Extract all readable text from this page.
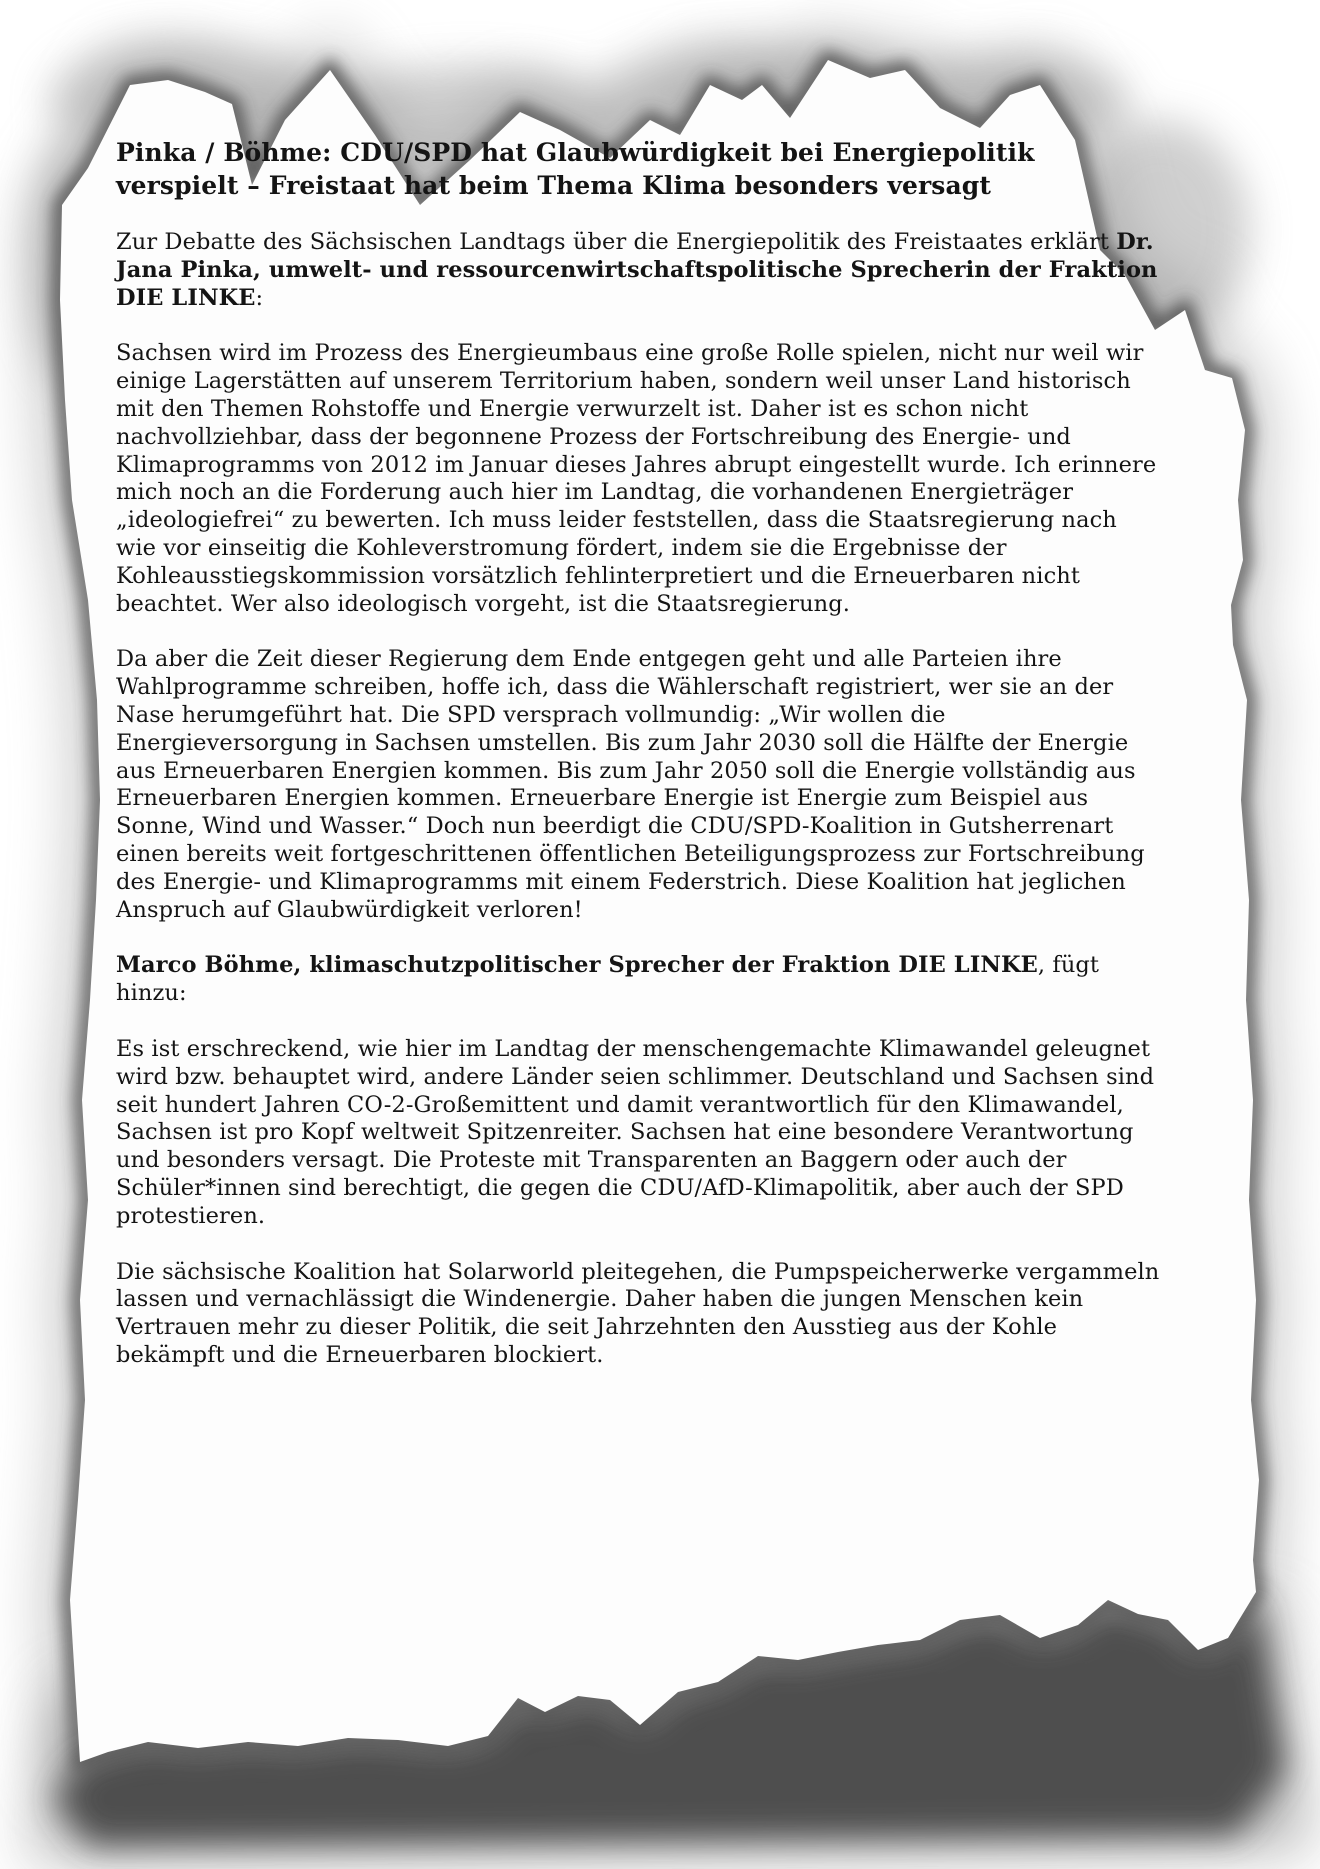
Pinka / Böhme: CDU/SPD hat Glaubwürdigkeit bei Energiepolitik verspielt – Freistaat hat beim Thema Klima besonders versagt

Zur Debatte des Sächsischen Landtags über die Energiepolitik des Freistaates erklärt Dr. Jana Pinka, umwelt- und ressourcenwirtschaftspolitische Sprecherin der Fraktion DIE LINKE:

Sachsen wird im Prozess des Energieumbaus eine große Rolle spielen, nicht nur weil wir einige Lagerstätten auf unserem Territorium haben, sondern weil unser Land historisch mit den Themen Rohstoffe und Energie verwurzelt ist. Daher ist es schon nicht nachvollziehbar, dass der begonnene Prozess der Fortschreibung des Energie- und Klimaprogramms von 2012 im Januar dieses Jahres abrupt eingestellt wurde. Ich erinnere mich noch an die Forderung auch hier im Landtag, die vorhandenen Energieträger „ideologiefrei“ zu bewerten. Ich muss leider feststellen, dass die Staatsregierung nach wie vor einseitig die Kohleverstromung fördert, indem sie die Ergebnisse der Kohleausstiegskommission vorsätzlich fehlinterpretiert und die Erneuerbaren nicht beachtet. Wer also ideologisch vorgeht, ist die Staatsregierung.

Da aber die Zeit dieser Regierung dem Ende entgegen geht und alle Parteien ihre Wahlprogramme schreiben, hoffe ich, dass die Wählerschaft registriert, wer sie an der Nase herumgeführt hat. Die SPD versprach vollmundig: „Wir wollen die Energieversorgung in Sachsen umstellen. Bis zum Jahr 2030 soll die Hälfte der Energie aus Erneuerbaren Energien kommen. Bis zum Jahr 2050 soll die Energie vollständig aus Erneuerbaren Energien kommen. Erneuerbare Energie ist Energie zum Beispiel aus Sonne, Wind und Wasser.“ Doch nun beerdigt die CDU/SPD-Koalition in Gutsherrenart einen bereits weit fortgeschrittenen öffentlichen Beteiligungsprozess zur Fortschreibung des Energie- und Klimaprogramms mit einem Federstrich. Diese Koalition hat jeglichen Anspruch auf Glaubwürdigkeit verloren!

Marco Böhme, klimaschutzpolitischer Sprecher der Fraktion DIE LINKE, fügt hinzu:

Es ist erschreckend, wie hier im Landtag der menschengemachte Klimawandel geleugnet wird bzw. behauptet wird, andere Länder seien schlimmer. Deutschland und Sachsen sind seit hundert Jahren CO-2-Großemittent und damit verantwortlich für den Klimawandel, Sachsen ist pro Kopf weltweit Spitzenreiter. Sachsen hat eine besondere Verantwortung und besonders versagt. Die Proteste mit Transparenten an Baggern oder auch der Schüler*innen sind berechtigt, die gegen die CDU/AfD-Klimapolitik, aber auch der SPD protestieren.

Die sächsische Koalition hat Solarworld pleitegehen, die Pumpspeicherwerke vergammeln lassen und vernachlässigt die Windenergie. Daher haben die jungen Menschen kein Vertrauen mehr zu dieser Politik, die seit Jahrzehnten den Ausstieg aus der Kohle bekämpft und die Erneuerbaren blockiert.
